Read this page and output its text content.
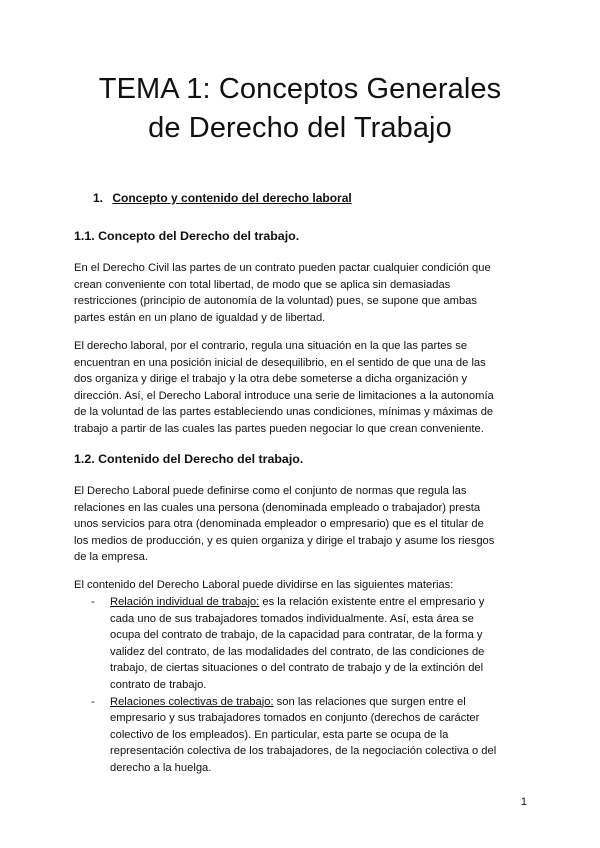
TEMA 1: Conceptos Generales
de Derecho del Trabajo

1. Concepto y contenido del derecho laboral

1.1. Concepto del Derecho del trabajo.

En el Derecho Civil las partes de un contrato pueden pactar cualquier condición que
crean conveniente con total libertad, de modo que se aplica sin demasiadas
restricciones (principio de autonomía de la voluntad) pues, se supone que ambas
partes están en un plano de igualdad y de libertad.
El derecho laboral, por el contrario, regula una situación en la que las partes se
encuentran en una posición inicial de desequilibrio, en el sentido de que una de las
dos organiza y dirige el trabajo y la otra debe someterse a dicha organización y
dirección. Así, el Derecho Laboral introduce una serie de limitaciones a la autonomía
de la voluntad de las partes estableciendo unas condiciones, mínimas y máximas de
trabajo a partir de las cuales las partes pueden negociar lo que crean conveniente.

1.2. Contenido del Derecho del trabajo.

El Derecho Laboral puede definirse como el conjunto de normas que regula las
relaciones en las cuales una persona (denominada empleado o trabajador) presta
unos servicios para otra (denominada empleador o empresario) que es el titular de
los medios de producción, y es quien organiza y dirige el trabajo y asume los riesgos
de la empresa.
El contenido del Derecho Laboral puede dividirse en las siguientes materias:
- Relación individual de trabajo: es la relación existente entre el empresario y
cada uno de sus trabajadores tomados individualmente. Así, esta área se
ocupa del contrato de trabajo, de la capacidad para contratar, de la forma y
validez del contrato, de las modalidades del contrato, de las condiciones de
trabajo, de ciertas situaciones o del contrato de trabajo y de la extinción del
contrato de trabajo.
- Relaciones colectivas de trabajo: son las relaciones que surgen entre el
empresario y sus trabajadores tomados en conjunto (derechos de carácter
colectivo de los empleados). En particular, esta parte se ocupa de la
representación colectiva de los trabajadores, de la negociación colectiva o del
derecho a la huelga.
1
